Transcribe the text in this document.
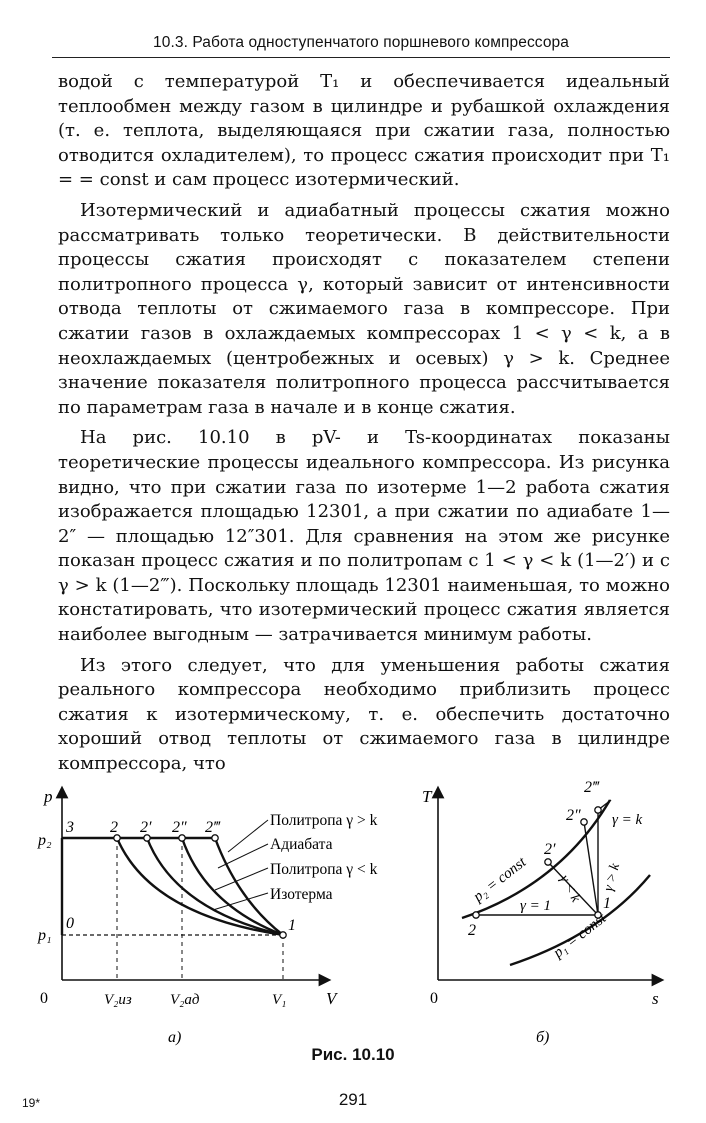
10.3. Работа одноступенчатого поршневого компрессора

водой с температурой T₁ и обеспечивается идеальный теплообмен между газом в цилиндре и рубашкой охлаждения (т. е. теплота, выделяющаяся при сжатии газа, полностью отводится охладителем), то процесс сжатия происходит при T₁ = = const и сам процесс изотермический.

Изотермический и адиабатный процессы сжатия можно рассматривать только теоретически. В действительности процессы сжатия происходят с показателем степени политропного процесса γ, который зависит от интенсивности отвода теплоты от сжимаемого газа в компрессоре. При сжатии газов в охлаждаемых компрессорах 1 < γ < k, а в неохлаждаемых (центробежных и осевых) γ > k. Среднее значение показателя политропного процесса рассчитывается по параметрам газа в начале и в конце сжатия.

На рис. 10.10 в pV- и Ts-координатах показаны теоретические процессы идеального компрессора. Из рисунка видно, что при сжатии газа по изотерме 1—2 работа сжатия изображается площадью 12301, а при сжатии по адиабате 1—2″ — площадью 12″301. Для сравнения на этом же рисунке показан процесс сжатия и по политропам с 1 < γ < k (1—2′) и с γ > k (1—2‴). Поскольку площадь 12301 наименьшая, то можно констатировать, что изотермический процесс сжатия является наиболее выгодным — затрачивается минимум работы.

Из этого следует, что для уменьшения работы сжатия реального компрессора необходимо приблизить процесс сжатия к изотермическому, т. е. обеспечить достаточно хороший отвод теплоты от сжимаемого газа в цилиндре компрессора, что

p
V
0
p₂
p₁
3 2 2′ 2″ 2‴
0	1
V₂из	V₂ад	V₁
Политропа γ > k
Адиабата
Политропа γ < k
Изотерма
а)
T
s
0
2‴
2″
2′
2
1
γ = k
γ = 1
γ > k
γ < k
p₂ = const
p₁ = const
б)
Рис. 10.10
291
19*
